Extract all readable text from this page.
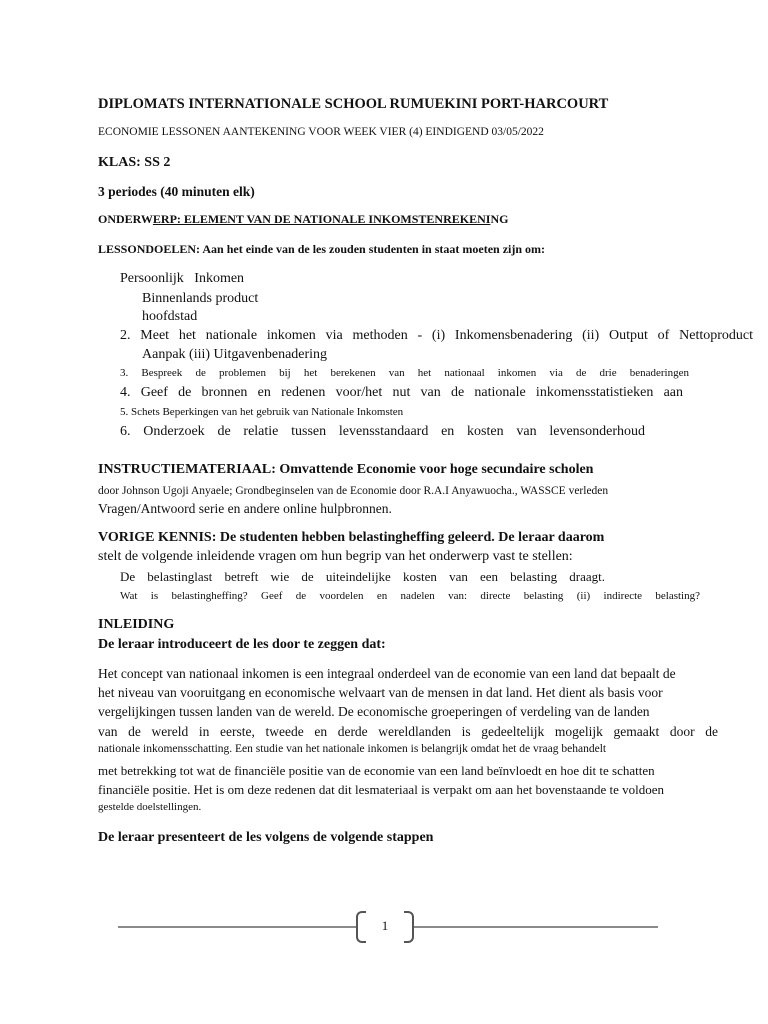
DIPLOMATS INTERNATIONALE SCHOOL RUMUEKINI PORT-HARCOURT
ECONOMIE LESSONEN AANTEKENING VOOR WEEK VIER (4) EINDIGEND 03/05/2022
KLAS: SS 2
3 periodes (40 minuten elk)
ONDERWERP: ELEMENT VAN DE NATIONALE INKOMSTENREKENING
LESSONDOELEN: Aan het einde van de les zouden studenten in staat moeten zijn om:
Persoonlijk   Inkomen
Binnenlands product
hoofdstad
2. Meet het nationale inkomen via methoden - (i) Inkomensbenadering (ii) Output of Nettoproduct
Aanpak (iii) Uitgavenbenadering
3. Bespreek de problemen bij het berekenen van het nationaal inkomen via de drie benaderingen
4. Geef de bronnen en redenen voor/het nut van de nationale inkomensstatistieken aan
5. Schets Beperkingen van het gebruik van Nationale Inkomsten
6. Onderzoek de relatie tussen levensstandaard en kosten van levensonderhoud
INSTRUCTIEMATERIAAL: Omvattende Economie voor hoge secundaire scholen
door Johnson Ugoji Anyaele; Grondbeginselen van de Economie door R.A.I Anyawuocha., WASSCE verleden
Vragen/Antwoord serie en andere online hulpbronnen.
VORIGE KENNIS: De studenten hebben belastingheffing geleerd. De leraar daarom
stelt de volgende inleidende vragen om hun begrip van het onderwerp vast te stellen:
De belastinglast betreft wie de uiteindelijke kosten van een belasting draagt.
Wat is belastingheffing? Geef de voordelen en nadelen van: directe belasting (ii) indirecte belasting?
INLEIDING
De leraar introduceert de les door te zeggen dat:
Het concept van nationaal inkomen is een integraal onderdeel van de economie van een land dat bepaalt de
het niveau van vooruitgang en economische welvaart van de mensen in dat land. Het dient als basis voor
vergelijkingen tussen landen van de wereld. De economische groeperingen of verdeling van de landen
van de wereld in eerste, tweede en derde wereldlanden is gedeeltelijk mogelijk gemaakt door de
nationale inkomensschatting. Een studie van het nationale inkomen is belangrijk omdat het de vraag behandelt
met betrekking tot wat de financiële positie van de economie van een land beïnvloedt en hoe dit te schatten
financiële positie. Het is om deze redenen dat dit lesmateriaal is verpakt om aan het bovenstaande te voldoen
gestelde doelstellingen.
De leraar presenteert de les volgens de volgende stappen
1
